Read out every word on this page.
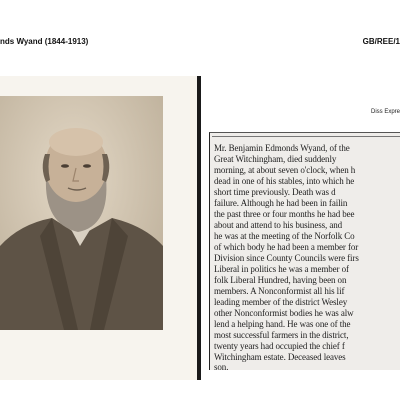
nds Wyand (1844-1913)	GB/REE/1
Diss Expre
Mr. Benjamin Edmonds Wyand, of the
Great Witchingham, died suddenly
morning, at about seven o'clock, when h
dead in one of his stables, into which he
short time previously. Death was d
failure. Although he had been in failin
the past three or four months he had bee
about and attend to his business, and
he was at the meeting of the Norfolk Co
of which body he had been a member for
Division since County Councils were firs
Liberal in politics he was a member of
folk Liberal Hundred, having been on
members. A Nonconformist all his lif
leading member of the district Wesley
other Nonconformist bodies he was alw
lend a helping hand. He was one of the
most successful farmers in the district,
twenty years had occupied the chief f
Witchingham estate. Deceased leaves
son.
